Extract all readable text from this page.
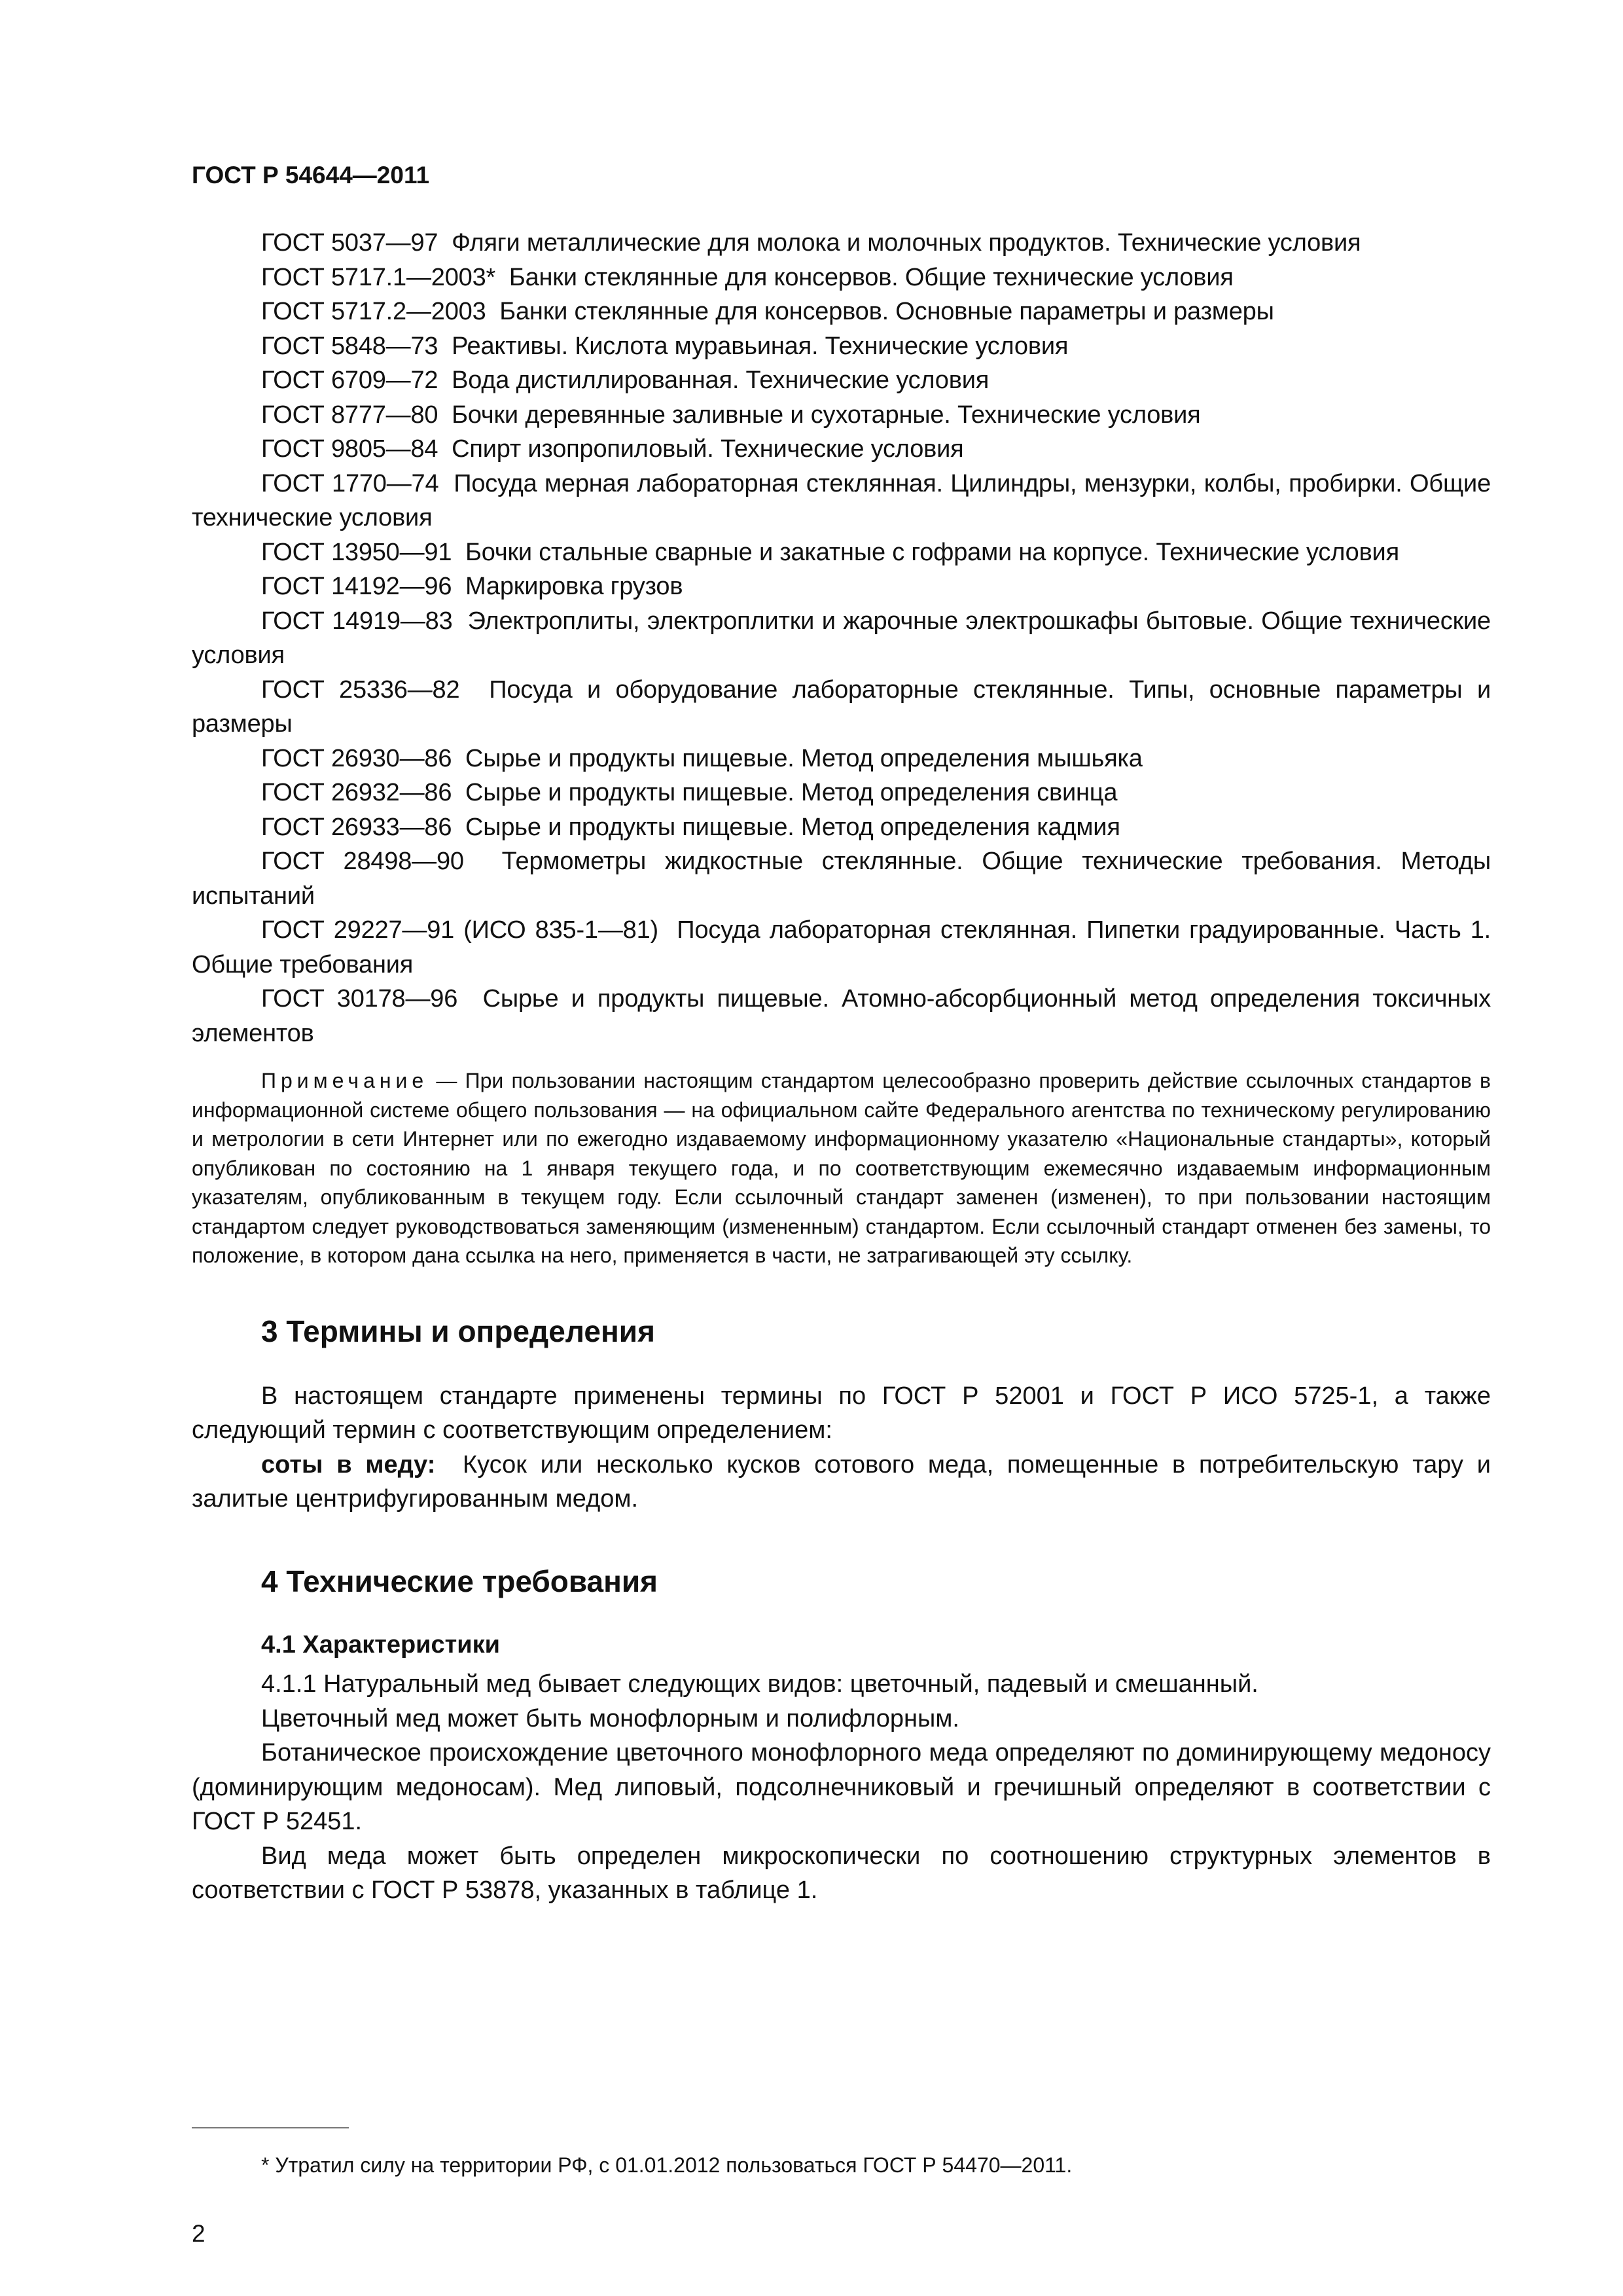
ГОСТ Р 54644—2011

ГОСТ 5037—97 Фляги металлические для молока и молочных продуктов. Технические условия

ГОСТ 5717.1—2003* Банки стеклянные для консервов. Общие технические условия

ГОСТ 5717.2—2003 Банки стеклянные для консервов. Основные параметры и размеры

ГОСТ 5848—73 Реактивы. Кислота муравьиная. Технические условия

ГОСТ 6709—72 Вода дистиллированная. Технические условия

ГОСТ 8777—80 Бочки деревянные заливные и сухотарные. Технические условия

ГОСТ 9805—84 Спирт изопропиловый. Технические условия

ГОСТ 1770—74 Посуда мерная лабораторная стеклянная. Цилиндры, мензурки, колбы, пробирки. Общие технические условия

ГОСТ 13950—91 Бочки стальные сварные и закатные с гофрами на корпусе. Технические условия

ГОСТ 14192—96 Маркировка грузов

ГОСТ 14919—83 Электроплиты, электроплитки и жарочные электрошкафы бытовые. Общие технические условия

ГОСТ 25336—82 Посуда и оборудование лабораторные стеклянные. Типы, основные параметры и размеры

ГОСТ 26930—86 Сырье и продукты пищевые. Метод определения мышьяка

ГОСТ 26932—86 Сырье и продукты пищевые. Метод определения свинца

ГОСТ 26933—86 Сырье и продукты пищевые. Метод определения кадмия

ГОСТ 28498—90 Термометры жидкостные стеклянные. Общие технические требования. Методы испытаний

ГОСТ 29227—91 (ИСО 835-1—81) Посуда лабораторная стеклянная. Пипетки градуированные. Часть 1. Общие требования

ГОСТ 30178—96 Сырье и продукты пищевые. Атомно-абсорбционный метод определения токсичных элементов

Примечание — При пользовании настоящим стандартом целесообразно проверить действие ссылочных стандартов в информационной системе общего пользования — на официальном сайте Федерального агентства по техническому регулированию и метрологии в сети Интернет или по ежегодно издаваемому информационному указателю «Национальные стандарты», который опубликован по состоянию на 1 января текущего года, и по соответствующим ежемесячно издаваемым информационным указателям, опубликованным в текущем году. Если ссылочный стандарт заменен (изменен), то при пользовании настоящим стандартом следует руководствоваться заменяющим (измененным) стандартом. Если ссылочный стандарт отменен без замены, то положение, в котором дана ссылка на него, применяется в части, не затрагивающей эту ссылку.

3 Термины и определения

В настоящем стандарте применены термины по ГОСТ Р 52001 и ГОСТ Р ИСО 5725-1, а также следующий термин с соответствующим определением:

соты в меду: Кусок или несколько кусков сотового меда, помещенные в потребительскую тару и залитые центрифугированным медом.

4 Технические требования
4.1 Характеристики

4.1.1 Натуральный мед бывает следующих видов: цветочный, падевый и смешанный.

Цветочный мед может быть монофлорным и полифлорным.

Ботаническое происхождение цветочного монофлорного меда определяют по доминирующему медоносу (доминирующим медоносам). Мед липовый, подсолнечниковый и гречишный определяют в соответствии с ГОСТ Р 52451.

Вид меда может быть определен микроскопически по соотношению структурных элементов в соответствии с ГОСТ Р 53878, указанных в таблице 1.

* Утратил силу на территории РФ, с 01.01.2012 пользоваться ГОСТ Р 54470—2011.
2
